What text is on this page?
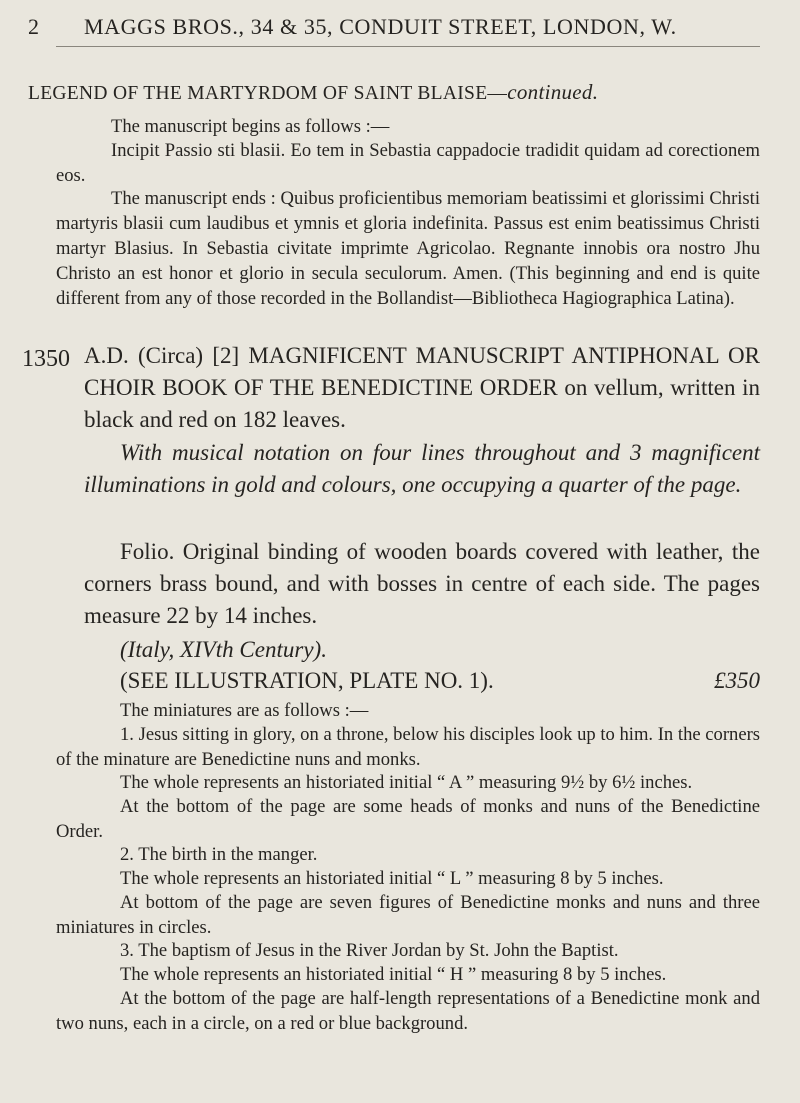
2 MAGGS BROS., 34 & 35, CONDUIT STREET, LONDON, W.
LEGEND OF THE MARTYRDOM OF SAINT BLAISE—continued.

The manuscript begins as follows :—

Incipit Passio sti blasii. Eo tem in Sebastia cappadocie tradidit quidam ad corectionem eos.

The manuscript ends : Quibus proficientibus memoriam beatissimi et glorissimi Christi martyris blasii cum laudibus et ymnis et gloria indefinita. Passus est enim beatissimus Christi martyr Blasius. In Sebastia civitate imprimte Agricolao. Regnante innobis ora nostro Jhu Christo an est honor et glorio in secula seculorum. Amen. (This beginning and end is quite different from any of those recorded in the Bollandist—Bibliotheca Hagiographica Latina).

1350 A.D. (Circa) [2] MAGNIFICENT MANUSCRIPT ANTIPHONAL OR CHOIR BOOK OF THE BENEDICTINE ORDER on vellum, written in black and red on 182 leaves.

With musical notation on four lines throughout and 3 magnificent illuminations in gold and colours, one occupying a quarter of the page.

Folio. Original binding of wooden boards covered with leather, the corners brass bound, and with bosses in centre of each side. The pages measure 22 by 14 inches.

(Italy, XIVth Century).

(SEE ILLUSTRATION, PLATE NO. 1).	£350

The miniatures are as follows :—

1. Jesus sitting in glory, on a throne, below his disciples look up to him. In the corners of the minature are Benedictine nuns and monks.

The whole represents an historiated initial “ A ” measuring 9½ by 6½ inches.

At the bottom of the page are some heads of monks and nuns of the Benedictine Order.

2. The birth in the manger.

The whole represents an historiated initial “ L ” measuring 8 by 5 inches.

At bottom of the page are seven figures of Benedictine monks and nuns and three miniatures in circles.

3. The baptism of Jesus in the River Jordan by St. John the Baptist.

The whole represents an historiated initial “ H ” measuring 8 by 5 inches.

At the bottom of the page are half-length representations of a Benedictine monk and two nuns, each in a circle, on a red or blue background.
